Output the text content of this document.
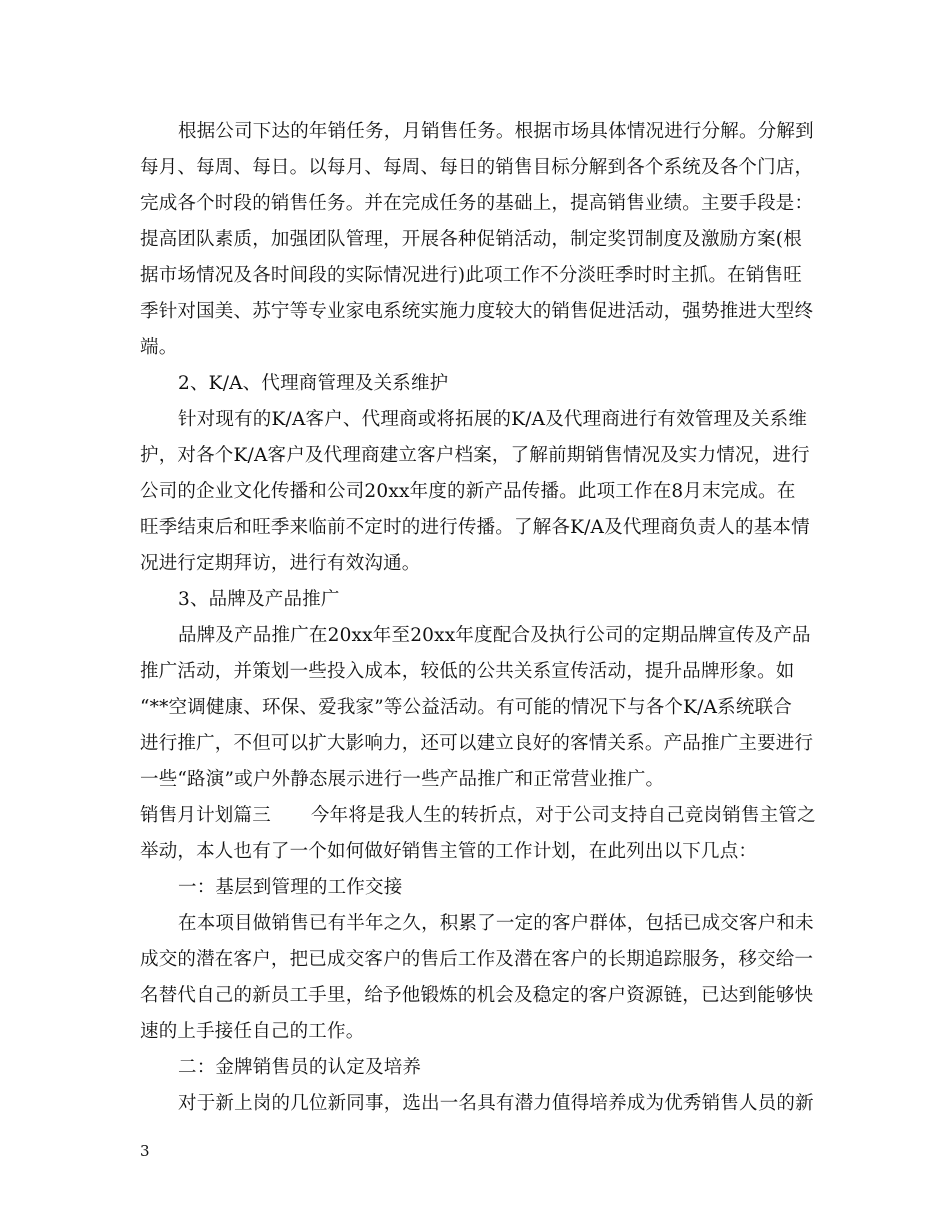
根据公司下达的年销任务，月销售任务。根据市场具体情况进行分解。分解到
每月、每周、每日。以每月、每周、每日的销售目标分解到各个系统及各个门店，
完成各个时段的销售任务。并在完成任务的基础上，提高销售业绩。主要手段是：
提高团队素质，加强团队管理，开展各种促销活动，制定奖罚制度及激励方案(根
据市场情况及各时间段的实际情况进行)此项工作不分淡旺季时时主抓。在销售旺
季针对国美、苏宁等专业家电系统实施力度较大的销售促进活动，强势推进大型终
端。
2、K/A、代理商管理及关系维护
针对现有的K/A客户、代理商或将拓展的K/A及代理商进行有效管理及关系维
护，对各个K/A客户及代理商建立客户档案，了解前期销售情况及实力情况，进行
公司的企业文化传播和公司20xx年度的新产品传播。此项工作在8月末完成。在
旺季结束后和旺季来临前不定时的进行传播。了解各K/A及代理商负责人的基本情
况进行定期拜访，进行有效沟通。
3、品牌及产品推广
品牌及产品推广在20xx年至20xx年度配合及执行公司的定期品牌宣传及产品
推广活动，并策划一些投入成本，较低的公共关系宣传活动，提升品牌形象。如
“**空调健康、环保、爱我家”等公益活动。有可能的情况下与各个K/A系统联合
进行推广，不但可以扩大影响力，还可以建立良好的客情关系。产品推广主要进行
一些“路演”或户外静态展示进行一些产品推广和正常营业推广。
销售月计划篇三 今年将是我人生的转折点，对于公司支持自己竞岗销售主管之
举动，本人也有了一个如何做好销售主管的工作计划，在此列出以下几点：
一：基层到管理的工作交接
在本项目做销售已有半年之久，积累了一定的客户群体，包括已成交客户和未
成交的潜在客户，把已成交客户的售后工作及潜在客户的长期追踪服务，移交给一
名替代自己的新员工手里，给予他锻炼的机会及稳定的客户资源链，已达到能够快
速的上手接任自己的工作。
二：金牌销售员的认定及培养
对于新上岗的几位新同事，选出一名具有潜力值得培养成为优秀销售人员的新
3
